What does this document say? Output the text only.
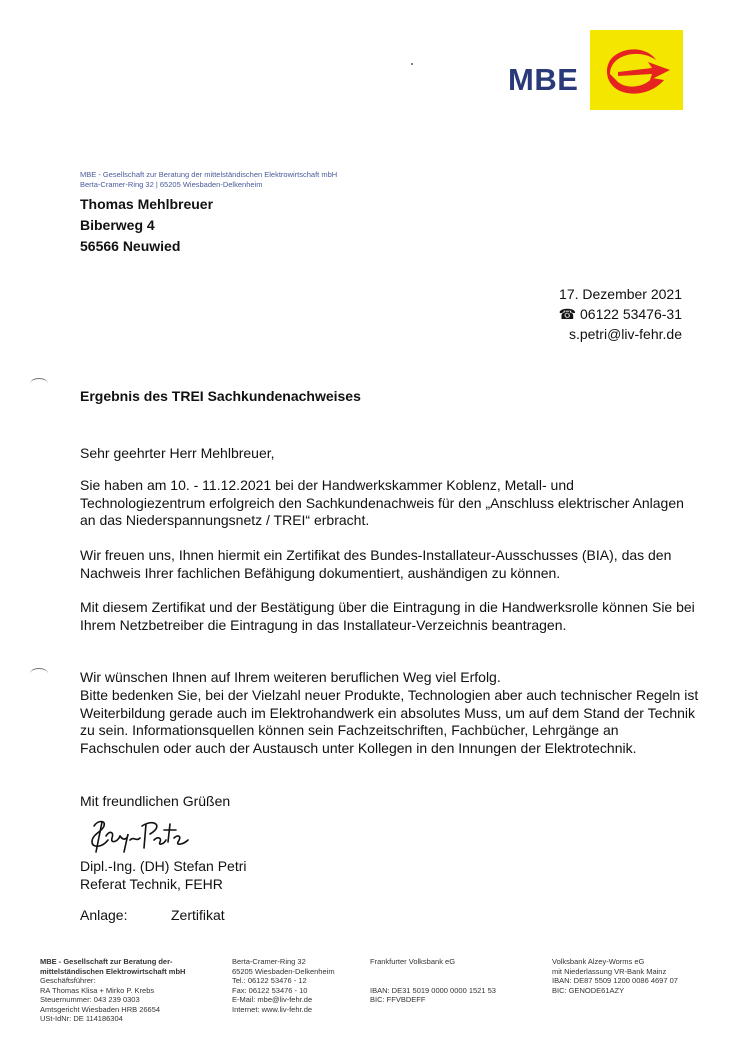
MBE
MBE - Gesellschaft zur Beratung der mittelständischen Elektrowirtschaft mbH
Berta-Cramer-Ring 32 | 65205 Wiesbaden-Delkenheim
Thomas Mehlbreuer
Biberweg 4
56566 Neuwied
17. Dezember 2021
☎ 06122 53476-31
s.petri@liv-fehr.de
Ergebnis des TREI Sachkundenachweises

Sehr geehrter Herr Mehlbreuer,

Sie haben am 10. - 11.12.2021 bei der Handwerkskammer Koblenz, Metall- und Technologiezentrum erfolgreich den Sachkundenachweis für den „Anschluss elektrischer Anlagen an das Niederspannungsnetz / TREI“ erbracht.

Wir freuen uns, Ihnen hiermit ein Zertifikat des Bundes-Installateur-Ausschusses (BIA), das den Nachweis Ihrer fachlichen Befähigung dokumentiert, aushändigen zu können.

Mit diesem Zertifikat und der Bestätigung über die Eintragung in die Handwerksrolle können Sie bei Ihrem Netzbetreiber die Eintragung in das Installateur-Verzeichnis beantragen.

Wir wünschen Ihnen auf Ihrem weiteren beruflichen Weg viel Erfolg.

Bitte bedenken Sie, bei der Vielzahl neuer Produkte, Technologien aber auch technischer Regeln ist Weiterbildung gerade auch im Elektrohandwerk ein absolutes Muss, um auf dem Stand der Technik zu sein. Informationsquellen können sein Fachzeitschriften, Fachbücher, Lehrgänge an Fachschulen oder auch der Austausch unter Kollegen in den Innungen der Elektrotechnik.

Mit freundlichen Grüßen

Dipl.-Ing. (DH) Stefan Petri
Referat Technik, FEHR
Anlage:	Zertifikat
MBE - Gesellschaft zur Beratung der-
mittelständischen Elektrowirtschaft mbH
Geschäftsführer:
RA Thomas Klisa + Mirko P. Krebs
Steuernummer: 043 239 0303
Amtsgericht Wiesbaden HRB 26654
USt-IdNr: DE 114186304
Berta-Cramer-Ring 32
65205 Wiesbaden-Delkenheim
Tel.: 06122 53476 - 12
Fax: 06122 53476 - 10
E-Mail: mbe@liv-fehr.de
Internet: www.liv-fehr.de
Frankfurter Volksbank eG
IBAN: DE31 5019 0000 0000 1521 53
BIC: FFVBDEFF
Volksbank Alzey-Worms eG
mit Niederlassung VR-Bank Mainz
IBAN: DE87 5509 1200 0086 4697 07
BIC: GENODE61AZY
